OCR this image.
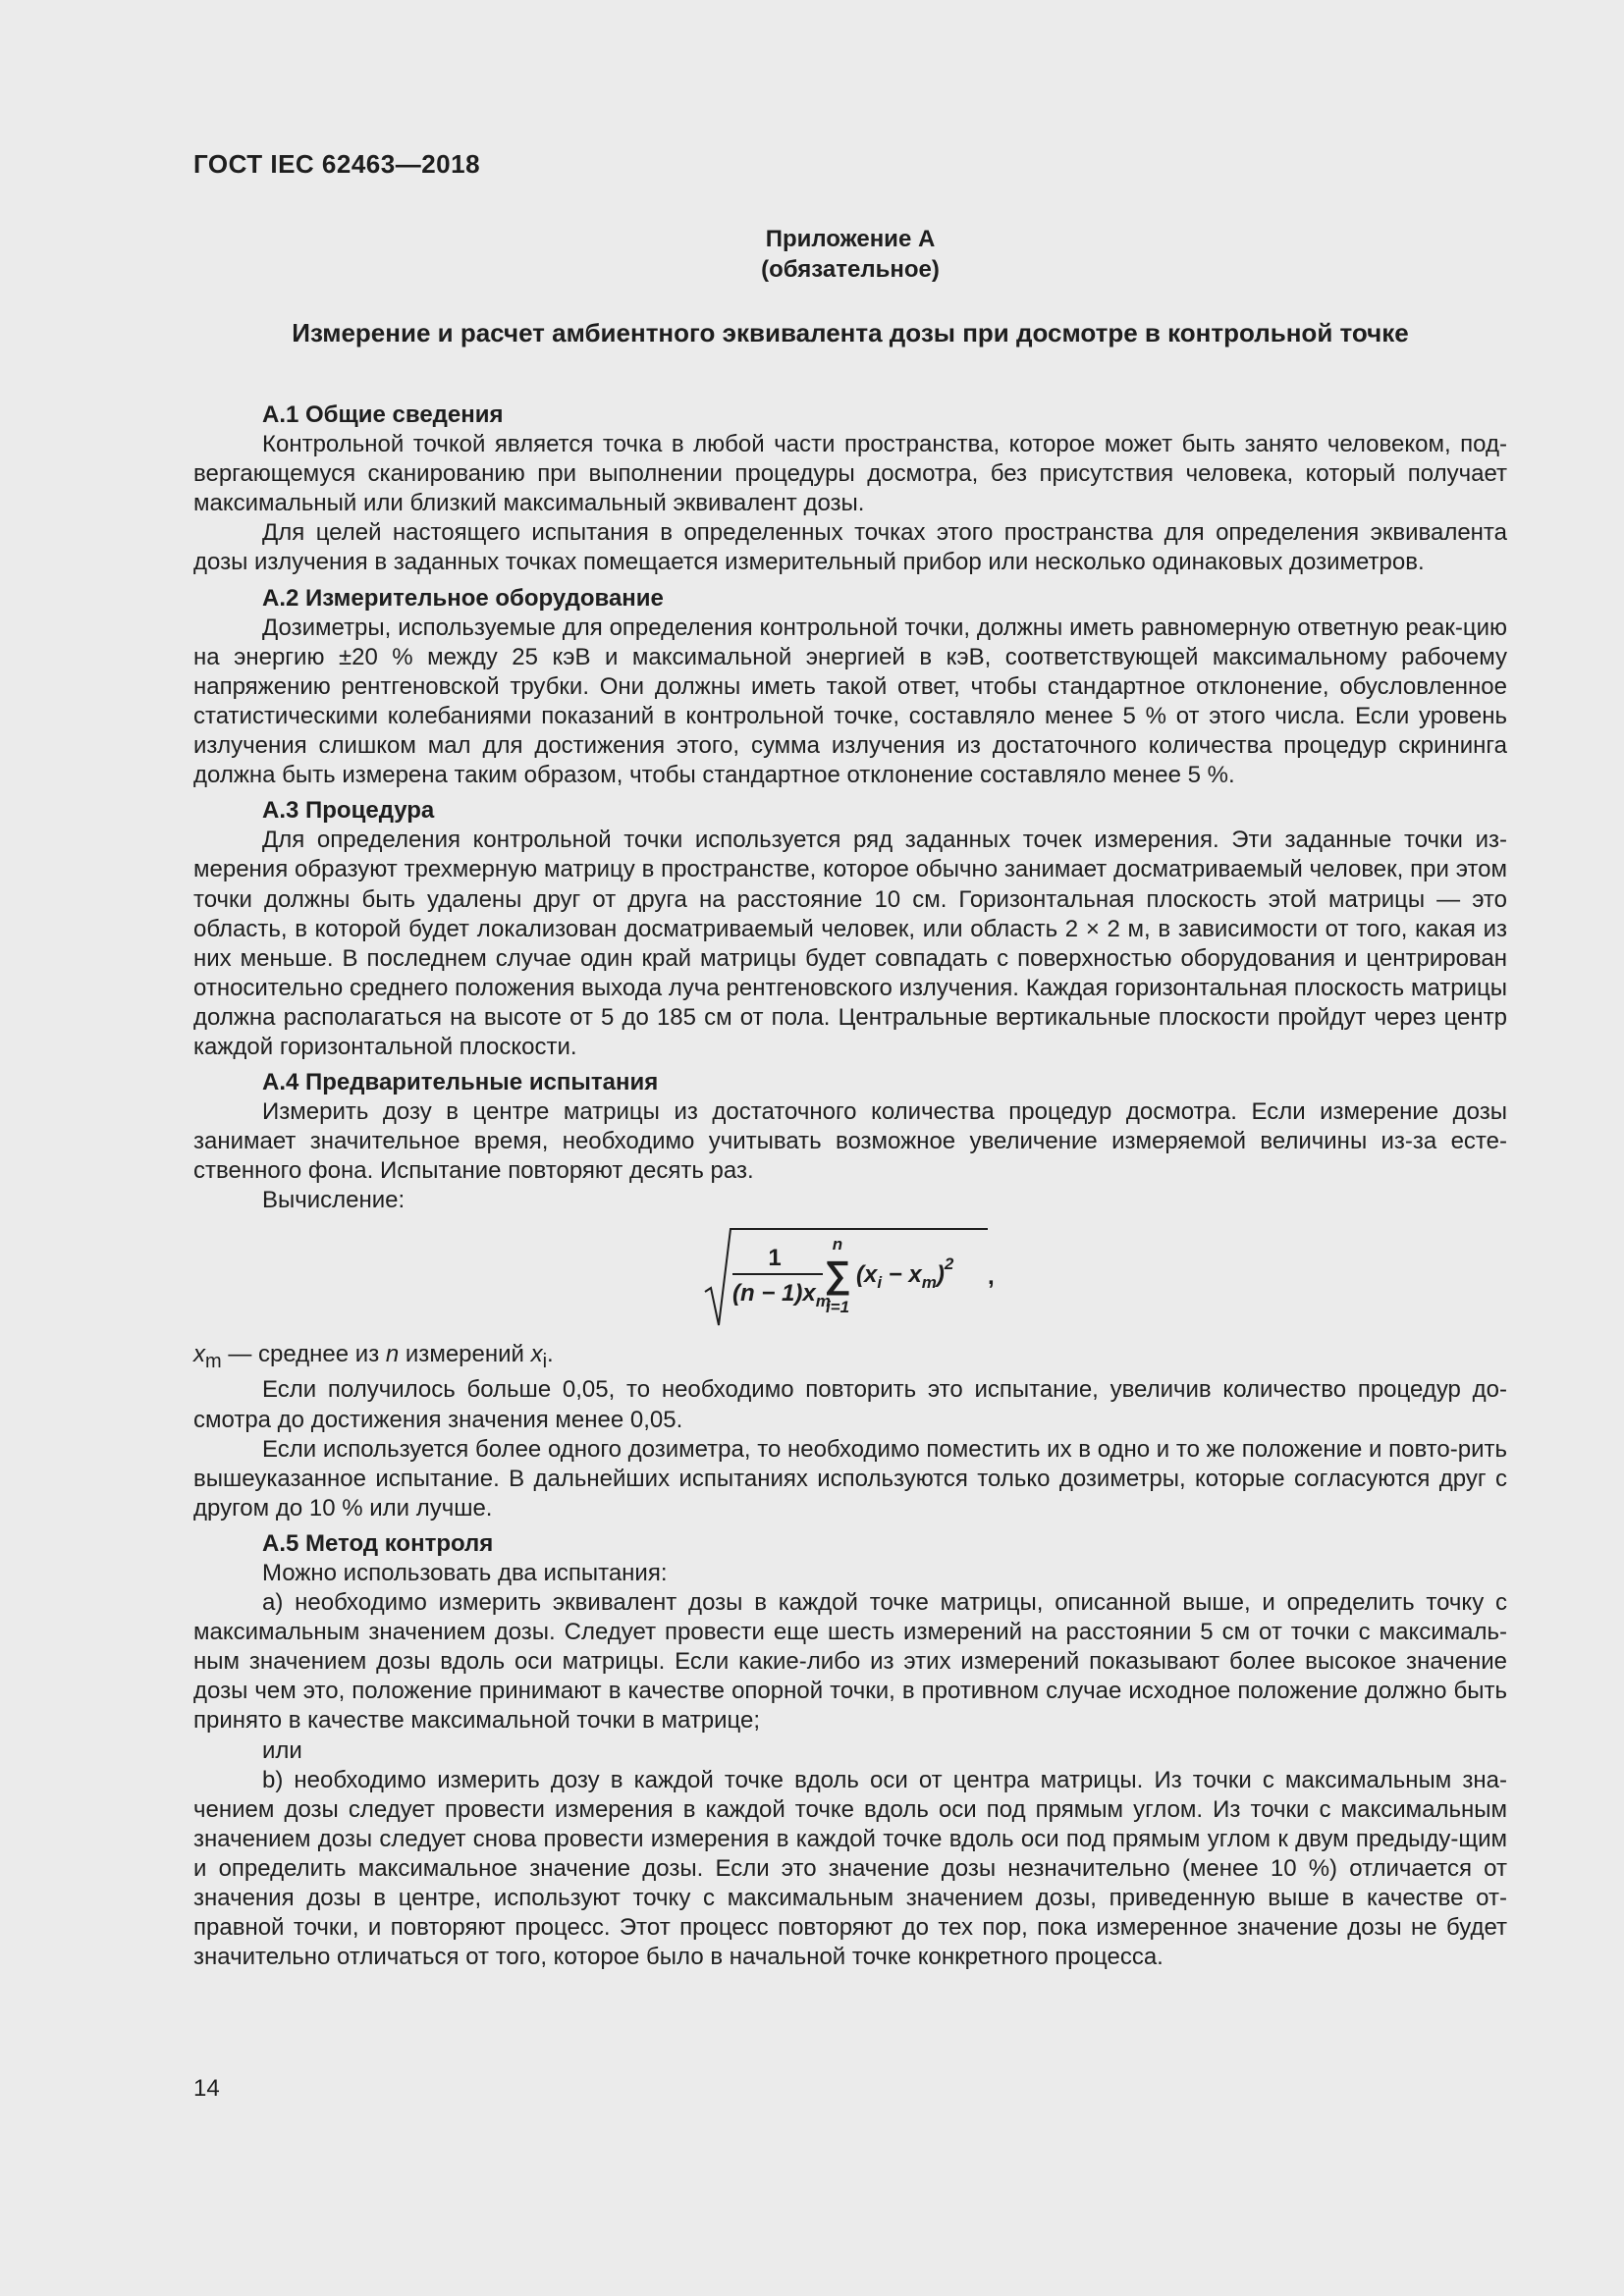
ГОСТ IEC 62463—2018
Приложение А
(обязательное)
Измерение и расчет амбиентного эквивалента дозы при досмотре в контрольной точке
А.1 Общие сведения
Контрольной точкой является точка в любой части пространства, которое может быть занято человеком, под-вергающемуся сканированию при выполнении процедуры досмотра, без присутствия человека, который получает максимальный или близкий максимальный эквивалент дозы.
Для целей настоящего испытания в определенных точках этого пространства для определения эквивалента дозы излучения в заданных точках помещается измерительный прибор или несколько одинаковых дозиметров.
А.2 Измерительное оборудование
Дозиметры, используемые для определения контрольной точки, должны иметь равномерную ответную реак-цию на энергию ±20 % между 25 кэВ и максимальной энергией в кэВ, соответствующей максимальному рабочему напряжению рентгеновской трубки. Они должны иметь такой ответ, чтобы стандартное отклонение, обусловленное статистическими колебаниями показаний в контрольной точке, составляло менее 5 % от этого числа. Если уровень излучения слишком мал для достижения этого, сумма излучения из достаточного количества процедур скрининга должна быть измерена таким образом, чтобы стандартное отклонение составляло менее 5 %.
А.3 Процедура
Для определения контрольной точки используется ряд заданных точек измерения. Эти заданные точки из-мерения образуют трехмерную матрицу в пространстве, которое обычно занимает досматриваемый человек, при этом точки должны быть удалены друг от друга на расстояние 10 см. Горизонтальная плоскость этой матрицы — это область, в которой будет локализован досматриваемый человек, или область 2 × 2 м, в зависимости от того, какая из них меньше. В последнем случае один край матрицы будет совпадать с поверхностью оборудования и центрирован относительно среднего положения выхода луча рентгеновского излучения. Каждая горизонтальная плоскость матрицы должна располагаться на высоте от 5 до 185 см от пола. Центральные вертикальные плоскости пройдут через центр каждой горизонтальной плоскости.
А.4 Предварительные испытания
Измерить дозу в центре матрицы из достаточного количества процедур досмотра. Если измерение дозы занимает значительное время, необходимо учитывать возможное увеличение измеряемой величины из-за есте-ственного фона. Испытание повторяют десять раз.
Вычисление:
1
$(n - 1)x_m$
n
∑
i=1
$(x_i - x_m)^2$ ,
$x_m$ — среднее из n измерений $x_i$.
Если получилось больше 0,05, то необходимо повторить это испытание, увеличив количество процедур до-смотра до достижения значения менее 0,05.
Если используется более одного дозиметра, то необходимо поместить их в одно и то же положение и повто-рить вышеуказанное испытание. В дальнейших испытаниях используются только дозиметры, которые согласуются друг с другом до 10 % или лучше.
А.5 Метод контроля
Можно использовать два испытания:
a) необходимо измерить эквивалент дозы в каждой точке матрицы, описанной выше, и определить точку с максимальным значением дозы. Следует провести еще шесть измерений на расстоянии 5 см от точки с максималь-ным значением дозы вдоль оси матрицы. Если какие-либо из этих измерений показывают более высокое значение дозы чем это, положение принимают в качестве опорной точки, в противном случае исходное положение должно быть принято в качестве максимальной точки в матрице;
или
b) необходимо измерить дозу в каждой точке вдоль оси от центра матрицы. Из точки с максимальным зна-чением дозы следует провести измерения в каждой точке вдоль оси под прямым углом. Из точки с максимальным значением дозы следует снова провести измерения в каждой точке вдоль оси под прямым углом к двум предыду-щим и определить максимальное значение дозы. Если это значение дозы незначительно (менее 10 %) отличается от значения дозы в центре, используют точку с максимальным значением дозы, приведенную выше в качестве от-правной точки, и повторяют процесс. Этот процесс повторяют до тех пор, пока измеренное значение дозы не будет значительно отличаться от того, которое было в начальной точке конкретного процесса.
14
